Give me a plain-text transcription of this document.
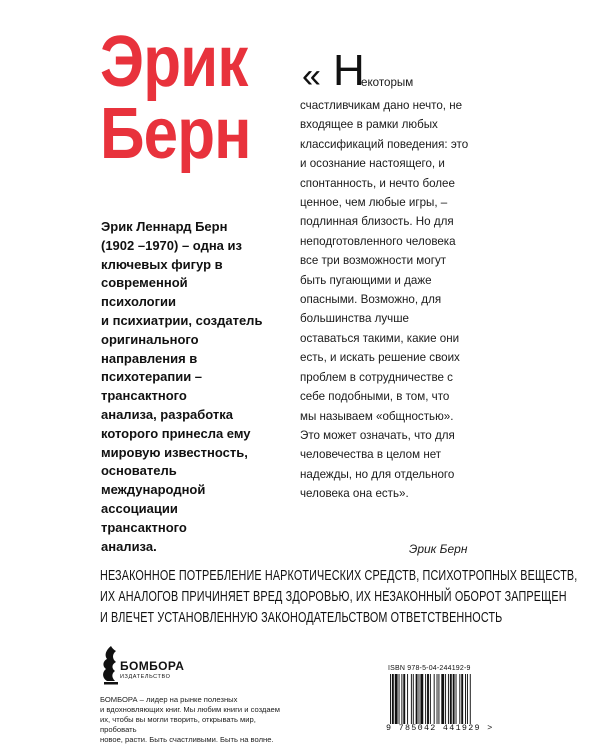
Эрик
Берн

Эрик Леннард Берн
(1902 –1970) – одна из
ключевых фигур в
современной
психологии
и психиатрии, создатель
оригинального
направления в
психотерапии –
трансактного
анализа, разработка
которого принесла ему
мировую известность,
основатель
международной
ассоциации
трансактного
анализа.

« Н
екоторым
счастливчикам дано нечто, не
входящее в рамки любых
классификаций поведения: это
и осознание настоящего, и
спонтанность, и нечто более
ценное, чем любые игры, –
подлинная близость. Но для
неподготовленного человека
все три возможности могут
быть пугающими и даже
опасными. Возможно, для
большинства лучше
оставаться такими, какие они
есть, и искать решение своих
проблем в сотрудничестве с
себе подобными, в том, что
мы называем «общностью».
Это может означать, что для
человечества в целом нет
надежды, но для отдельного
человека она есть».
Эрик Берн
НЕЗАКОННОЕ ПОТРЕБЛЕНИЕ НАРКОТИЧЕСКИХ СРЕДСТВ, ПСИХОТРОПНЫХ ВЕЩЕСТВ,
ИХ АНАЛОГОВ ПРИЧИНЯЕТ ВРЕД ЗДОРОВЬЮ, ИХ НЕЗАКОННЫЙ ОБОРОТ ЗАПРЕЩЕН
И ВЛЕЧЕТ УСТАНОВЛЕННУЮ ЗАКОНОДАТЕЛЬСТВОМ ОТВЕТСТВЕННОСТЬ
БОМБОРА
ИЗДАТЕЛЬСТВО
БОМБОРА – лидер на рынке полезных
и вдохновляющих книг. Мы любим книги и создаем
их, чтобы вы могли творить, открывать мир, пробовать
новое, расти. Быть счастливыми. Быть на волне.
ISBN 978-5-04-244192-9
9 785042 441929 >
